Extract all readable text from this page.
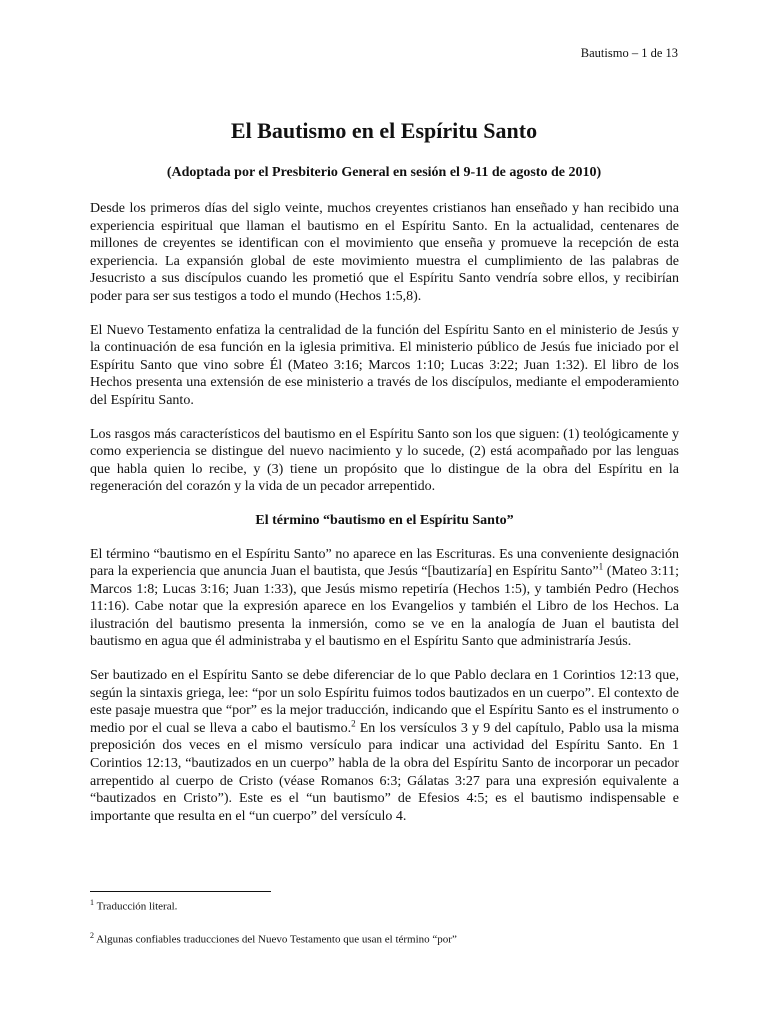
Bautismo – 1 de 13
El Bautismo en el Espíritu Santo
(Adoptada por el Presbiterio General en sesión el 9-11 de agosto de 2010)

Desde los primeros días del siglo veinte, muchos creyentes cristianos han enseñado y han recibido una experiencia espiritual que llaman el bautismo en el Espíritu Santo. En la actualidad, centenares de millones de creyentes se identifican con el movimiento que enseña y promueve la recepción de esta experiencia. La expansión global de este movimiento muestra el cumplimiento de las palabras de Jesucristo a sus discípulos cuando les prometió que el Espíritu Santo vendría sobre ellos, y recibirían poder para ser sus testigos a todo el mundo (Hechos 1:5,8).

El Nuevo Testamento enfatiza la centralidad de la función del Espíritu Santo en el ministerio de Jesús y la continuación de esa función en la iglesia primitiva. El ministerio público de Jesús fue iniciado por el Espíritu Santo que vino sobre Él (Mateo 3:16; Marcos 1:10; Lucas 3:22; Juan 1:32). El libro de los Hechos presenta una extensión de ese ministerio a través de los discípulos, mediante el empoderamiento del Espíritu Santo.

Los rasgos más característicos del bautismo en el Espíritu Santo son los que siguen: (1) teológicamente y como experiencia se distingue del nuevo nacimiento y lo sucede, (2) está acompañado por las lenguas que habla quien lo recibe, y (3) tiene un propósito que lo distingue de la obra del Espíritu en la regeneración del corazón y la vida de un pecador arrepentido.

El término “bautismo en el Espíritu Santo”

El término “bautismo en el Espíritu Santo” no aparece en las Escrituras. Es una conveniente designación para la experiencia que anuncia Juan el bautista, que Jesús “[bautizaría] en Espíritu Santo”$^1$ (Mateo 3:11; Marcos 1:8; Lucas 3:16; Juan 1:33), que Jesús mismo repetiría (Hechos 1:5), y también Pedro (Hechos 11:16). Cabe notar que la expresión aparece en los Evangelios y también el Libro de los Hechos. La ilustración del bautismo presenta la inmersión, como se ve en la analogía de Juan el bautista del bautismo en agua que él administraba y el bautismo en el Espíritu Santo que administraría Jesús.

Ser bautizado en el Espíritu Santo se debe diferenciar de lo que Pablo declara en 1 Corintios 12:13 que, según la sintaxis griega, lee: “por un solo Espíritu fuimos todos bautizados en un cuerpo”. El contexto de este pasaje muestra que “por” es la mejor traducción, indicando que el Espíritu Santo es el instrumento o medio por el cual se lleva a cabo el bautismo.$^2$ En los versículos 3 y 9 del capítulo, Pablo usa la misma preposición dos veces en el mismo versículo para indicar una actividad del Espíritu Santo. En 1 Corintios 12:13, “bautizados en un cuerpo” habla de la obra del Espíritu Santo de incorporar un pecador arrepentido al cuerpo de Cristo (véase Romanos 6:3; Gálatas 3:27 para una expresión equivalente a “bautizados en Cristo”). Este es el “un bautismo” de Efesios 4:5; es el bautismo indispensable e importante que resulta en el “un cuerpo” del versículo 4.

$^1$ Traducción literal.
$^2$ Algunas confiables traducciones del Nuevo Testamento que usan el término “por”
